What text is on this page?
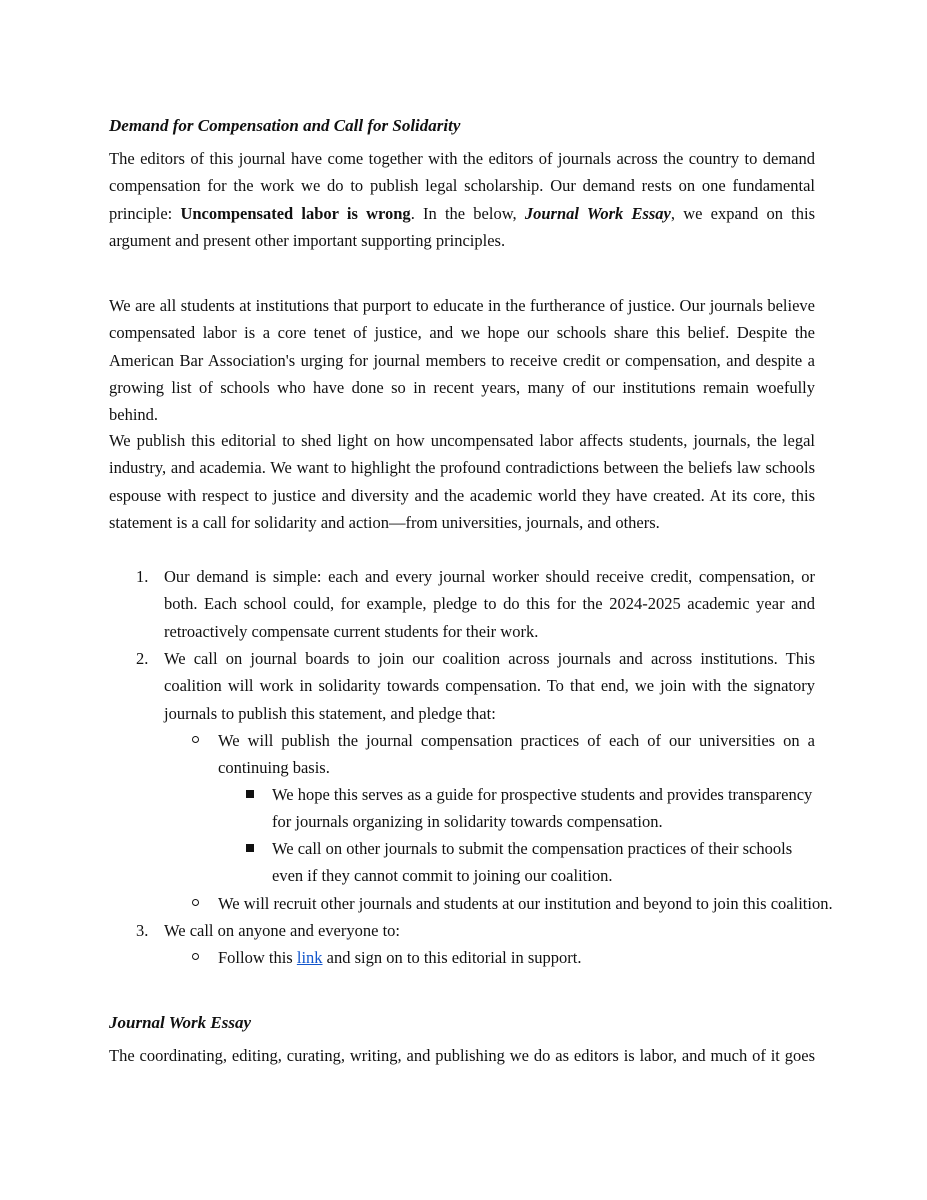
Demand for Compensation and Call for Solidarity
The editors of this journal have come together with the editors of journals across the country to demand compensation for the work we do to publish legal scholarship. Our demand rests on one fundamental principle: Uncompensated labor is wrong. In the below, Journal Work Essay, we expand on this argument and present other important supporting principles.
We are all students at institutions that purport to educate in the furtherance of justice. Our journals believe compensated labor is a core tenet of justice, and we hope our schools share this belief. Despite the American Bar Association's urging for journal members to receive credit or compensation, and despite a growing list of schools who have done so in recent years, many of our institutions remain woefully behind.
We publish this editorial to shed light on how uncompensated labor affects students, journals, the legal industry, and academia. We want to highlight the profound contradictions between the beliefs law schools espouse with respect to justice and diversity and the academic world they have created. At its core, this statement is a call for solidarity and action—from universities, journals, and others.
1. Our demand is simple: each and every journal worker should receive credit, compensation, or both. Each school could, for example, pledge to do this for the 2024-2025 academic year and retroactively compensate current students for their work.
2. We call on journal boards to join our coalition across journals and across institutions. This coalition will work in solidarity towards compensation. To that end, we join with the signatory journals to publish this statement, and pledge that:
We will publish the journal compensation practices of each of our universities on a continuing basis.
We hope this serves as a guide for prospective students and provides transparency for journals organizing in solidarity towards compensation.
We call on other journals to submit the compensation practices of their schools even if they cannot commit to joining our coalition.
We will recruit other journals and students at our institution and beyond to join this coalition.
3. We call on anyone and everyone to:
Follow this link and sign on to this editorial in support.
Journal Work Essay
The coordinating, editing, curating, writing, and publishing we do as editors is labor, and much of it goes
